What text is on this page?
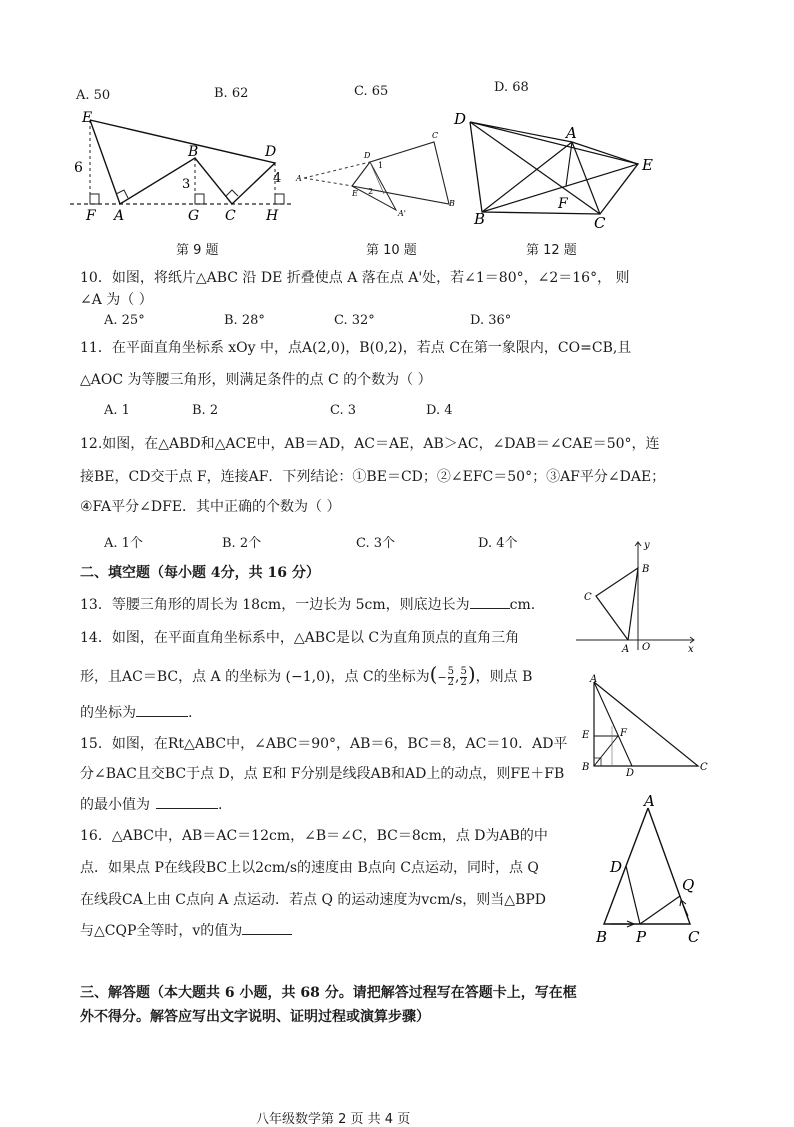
A. 50	B. 62	C. 65	D. 68
E
B	D
6
3	4
F A	G C H
A
D
1
C
E 2
B
A'
D
A
E
F
B	C
第 9 题	第 10 题	第 12 题
10．如图，将纸片△ABC 沿 DE 折叠使点 A 落在点 A'处，若∠1＝80°，∠2＝16°， 则
∠A 为（ ）
A. 25°	B. 28°	C. 32°	D. 36°
11．在平面直角坐标系 xOy 中，点A(2,0)，B(0,2)，若点 C在第一象限内，CO=CB,且
△AOC 为等腰三角形，则满足条件的点 C 的个数为（ ）
A. 1	B. 2	C. 3	D. 4
12.如图，在△ABD和△ACE中，AB＝AD，AC＝AE，AB＞AC，∠DAB＝∠CAE＝50°，连
接BE，CD交于点 F，连接AF．下列结论：①BE＝CD；②∠EFC＝50°；③AF平分∠DAE；
④FA平分∠DFE．其中正确的个数为（ ）
A. 1个	B. 2个	C. 3个	D. 4个
二、填空题（每小题 4分，共 16 分）
13．等腰三角形的周长为 18cm，一边长为 5cm，则底边长为	cm.
y
B
C
A O	x
14．如图，在平面直角坐标系中，△ABC是以 C为直角顶点的直角三角
形，且AC＝BC，点 A 的坐标为 (−1,0)，点 C的坐标为(− $\frac{5}{2}$ , $\frac{5}{2}$ )，则点 B
的坐标为	.
A
E	F
B
D
C
15．如图，在Rt△ABC中，∠ABC＝90°，AB＝6，BC＝8，AC＝10．AD平
分∠BAC且交BC于点 D，点 E和 F分别是线段AB和AD上的动点，则FE＋FB
的最小值为	.	A
D
Q
B P	C
16．△ABC中，AB＝AC＝12cm，∠B＝∠C，BC＝8cm，点 D为AB的中
点．如果点 P在线段BC上以2cm/s的速度由 B点向 C点运动，同时，点 Q
在线段CA上由 C点向 A 点运动．若点 Q 的运动速度为vcm/s，则当△BPD
与△CQP全等时，v的值为
三、解答题（本大题共 6 小题，共 68 分。请把解答过程写在答题卡上，写在框
外不得分。解答应写出文字说明、证明过程或演算步骤）
八年级数学第 2 页 共 4 页
